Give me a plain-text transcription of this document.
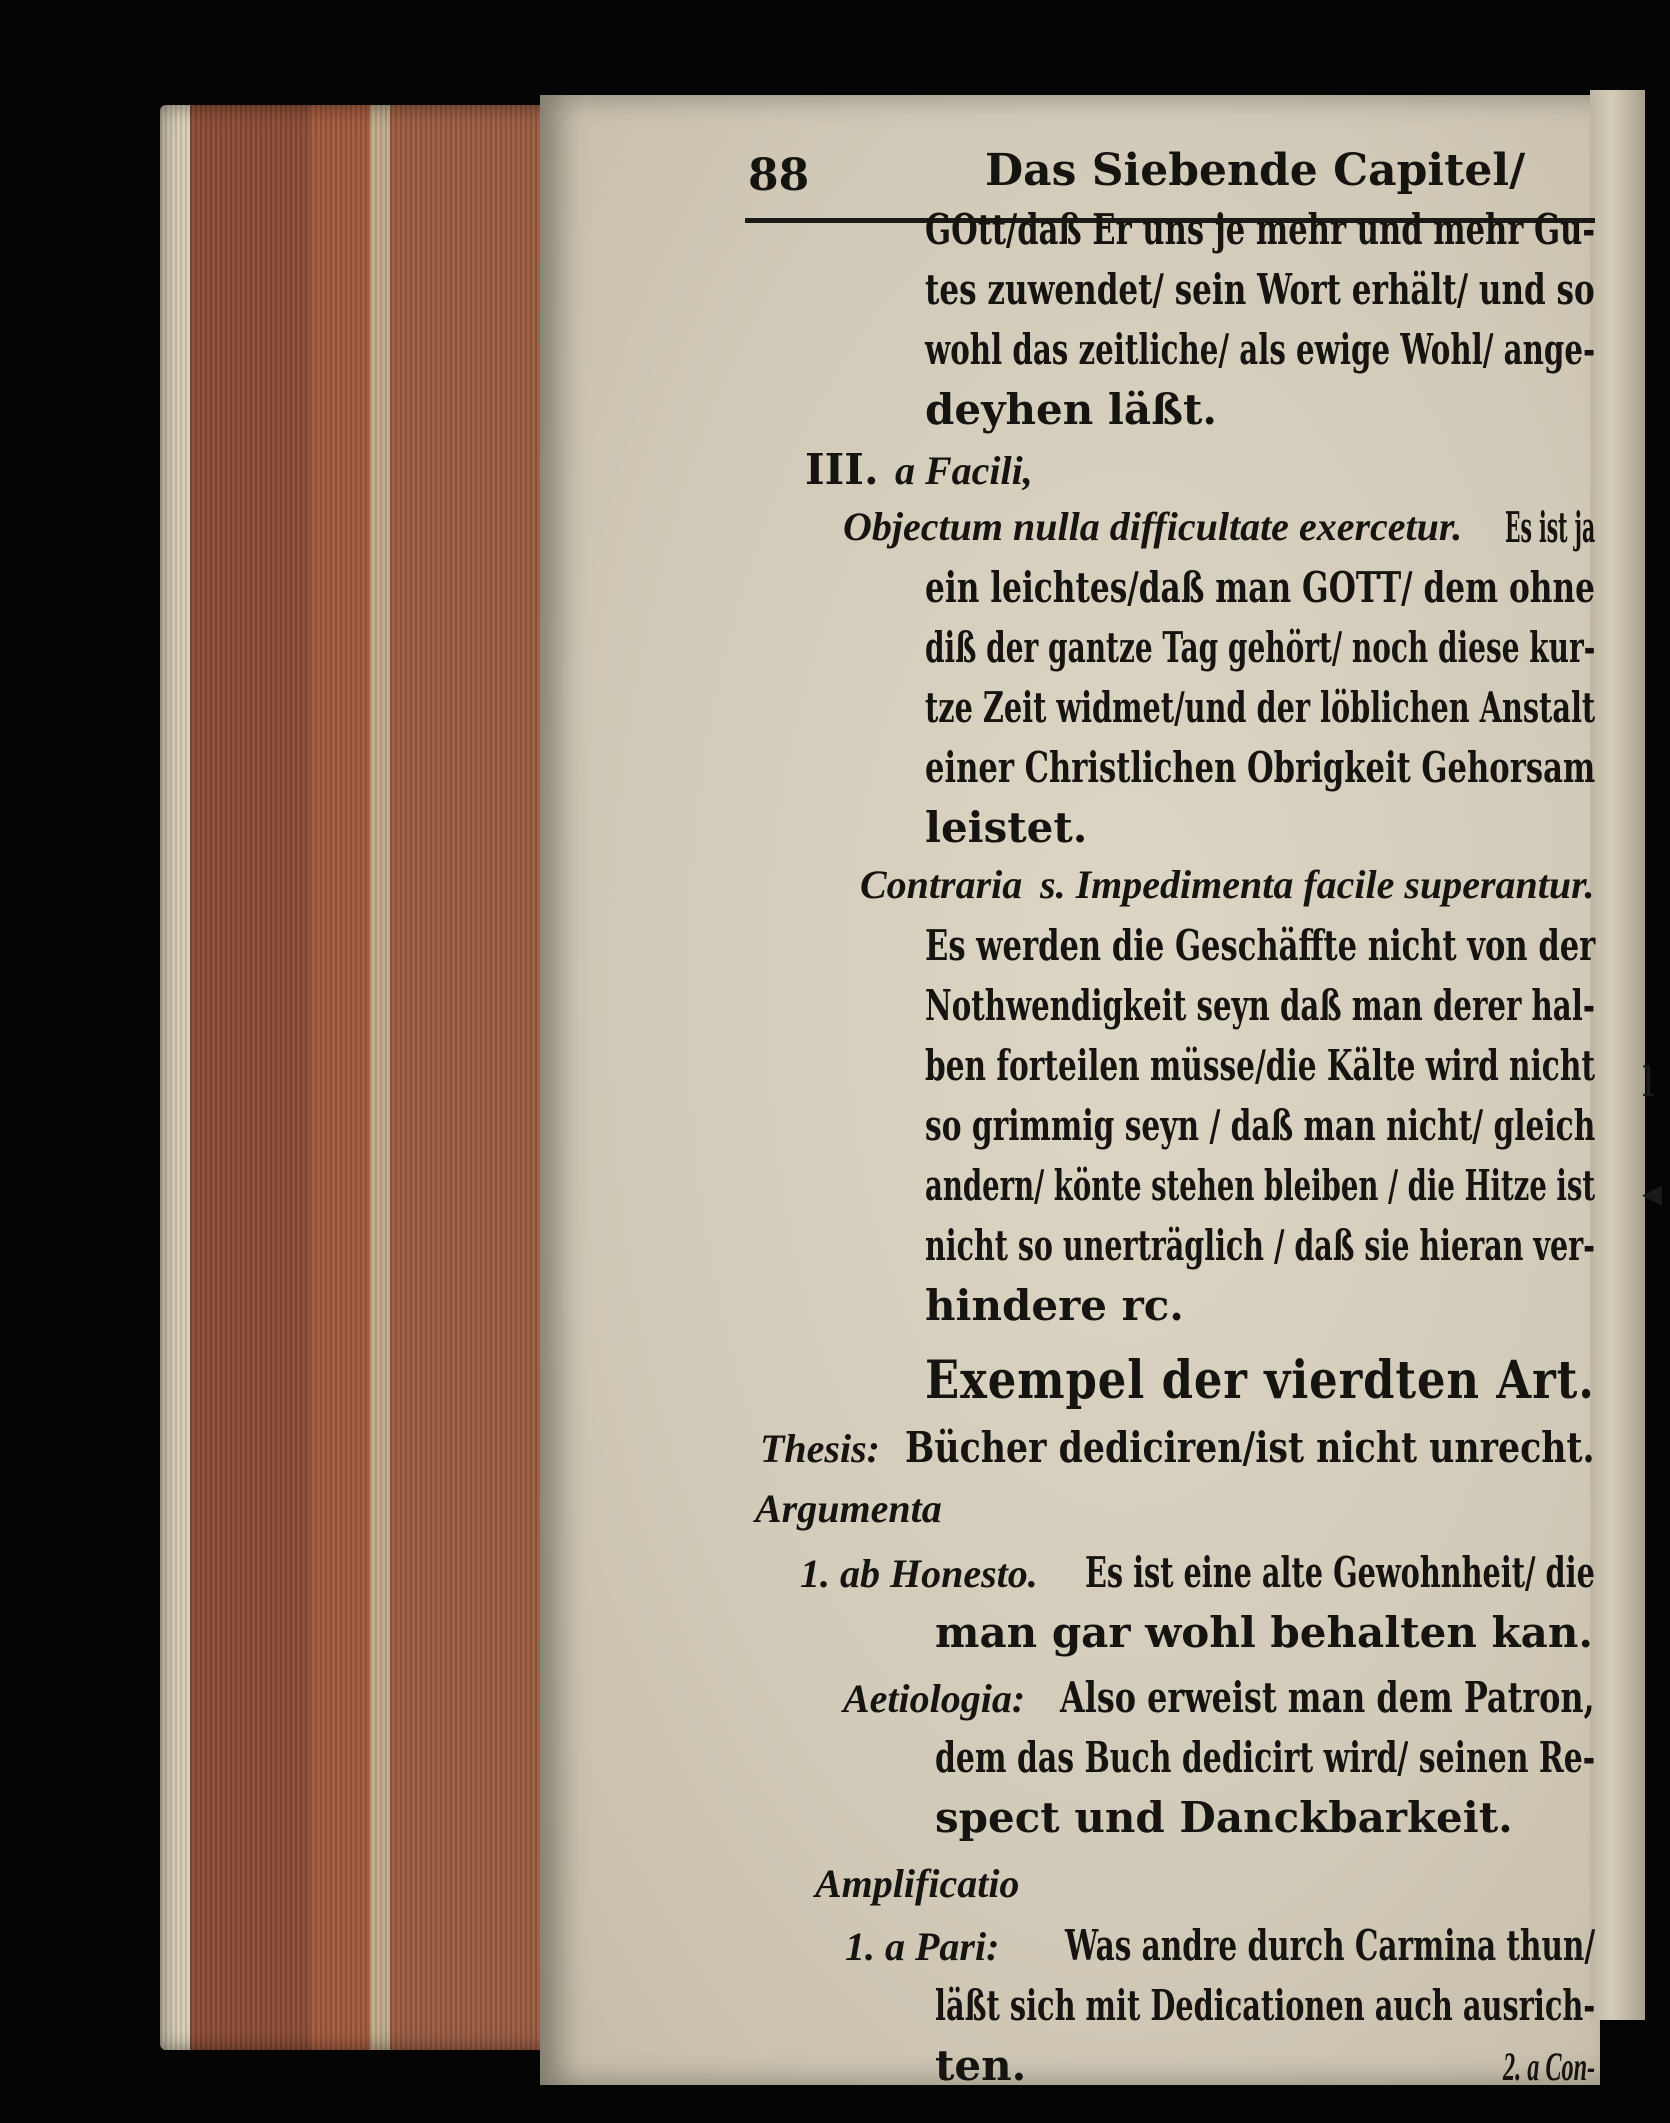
l
◂
88	Das Siebende Capitel/
GOtt/daß Er uns je mehr und mehr Gu-
tes zuwendet/ sein Wort erhält/ und so
wohl das zeitliche/ als ewige Wohl/ ange-
deyhen läßt.
III. a Facili,
Objectum nulla difficultate exercetur. Es ist ja
ein leichtes/daß man GOTT/ dem ohne
diß der gantze Tag gehört/ noch diese kur-
tze Zeit widmet/und der löblichen Anstalt
einer Christlichen Obrigkeit Gehorsam
leistet.
Contraria s. Impedimenta facile superantur.
Es werden die Geschäffte nicht von der
Nothwendigkeit seyn daß man derer hal-
ben forteilen müsse/die Kälte wird nicht
so grimmig seyn / daß man nicht/ gleich
andern/ könte stehen bleiben / die Hitze ist
nicht so unerträglich / daß sie hieran ver-
hindere rc.
Exempel der vierdten Art.
Thesis: Bücher dediciren/ist nicht unrecht.
Argumenta
1. ab Honesto. Es ist eine alte Gewohnheit/ die
man gar wohl behalten kan.
Aetiologia: Also erweist man dem Patron,
dem das Buch dedicirt wird/ seinen Re-
spect und Danckbarkeit.
Amplificatio
1. a Pari: Was andre durch Carmina thun/
läßt sich mit Dedicationen auch ausrich-
ten.	2. a Con-
